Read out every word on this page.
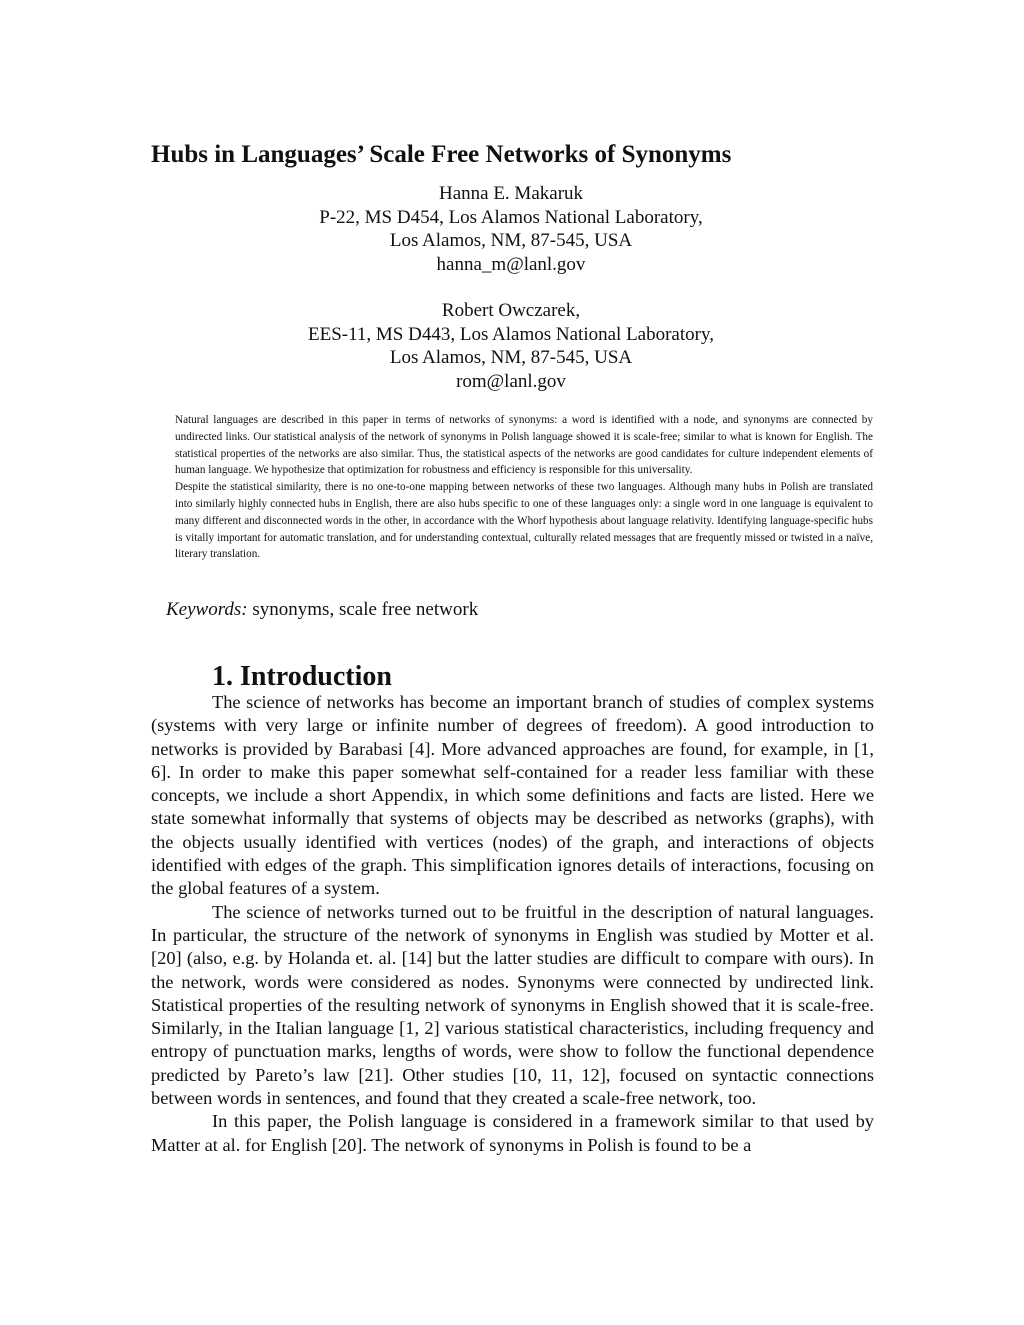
Hubs in Languages’ Scale Free Networks of Synonyms
Hanna E. Makaruk
P-22, MS D454, Los Alamos National Laboratory,
Los Alamos, NM, 87-545, USA
hanna_m@lanl.gov
Robert Owczarek,
EES-11, MS D443, Los Alamos National Laboratory,
Los Alamos, NM, 87-545, USA
rom@lanl.gov

Natural languages are described in this paper in terms of networks of synonyms: a word is identified with a node, and synonyms are connected by undirected links. Our statistical analysis of the network of synonyms in Polish language showed it is scale-free; similar to what is known for English. The statistical properties of the networks are also similar. Thus, the statistical aspects of the networks are good candidates for culture independent elements of human language. We hypothesize that optimization for robustness and efficiency is responsible for this universality.

Despite the statistical similarity, there is no one-to-one mapping between networks of these two languages. Although many hubs in Polish are translated into similarly highly connected hubs in English, there are also hubs specific to one of these languages only: a single word in one language is equivalent to many different and disconnected words in the other, in accordance with the Whorf hypothesis about language relativity. Identifying language-specific hubs is vitally important for automatic translation, and for understanding contextual, culturally related messages that are frequently missed or twisted in a naïve, literary translation.

Keywords: synonyms, scale free network
1. Introduction

The science of networks has become an important branch of studies of complex systems (systems with very large or infinite number of degrees of freedom). A good introduction to networks is provided by Barabasi [4]. More advanced approaches are found, for example, in [1, 6]. In order to make this paper somewhat self-contained for a reader less familiar with these concepts, we include a short Appendix, in which some definitions and facts are listed. Here we state somewhat informally that systems of objects may be described as networks (graphs), with the objects usually identified with vertices (nodes) of the graph, and interactions of objects identified with edges of the graph. This simplification ignores details of interactions, focusing on the global features of a system.

The science of networks turned out to be fruitful in the description of natural languages. In particular, the structure of the network of synonyms in English was studied by Motter et al. [20] (also, e.g. by Holanda et. al. [14] but the latter studies are difficult to compare with ours). In the network, words were considered as nodes. Synonyms were connected by undirected link. Statistical properties of the resulting network of synonyms in English showed that it is scale-free. Similarly, in the Italian language [1, 2] various statistical characteristics, including frequency and entropy of punctuation marks, lengths of words, were show to follow the functional dependence predicted by Pareto’s law [21]. Other studies [10, 11, 12], focused on syntactic connections between words in sentences, and found that they created a scale-free network, too.

In this paper, the Polish language is considered in a framework similar to that used by Matter at al. for English [20]. The network of synonyms in Polish is found to be a
